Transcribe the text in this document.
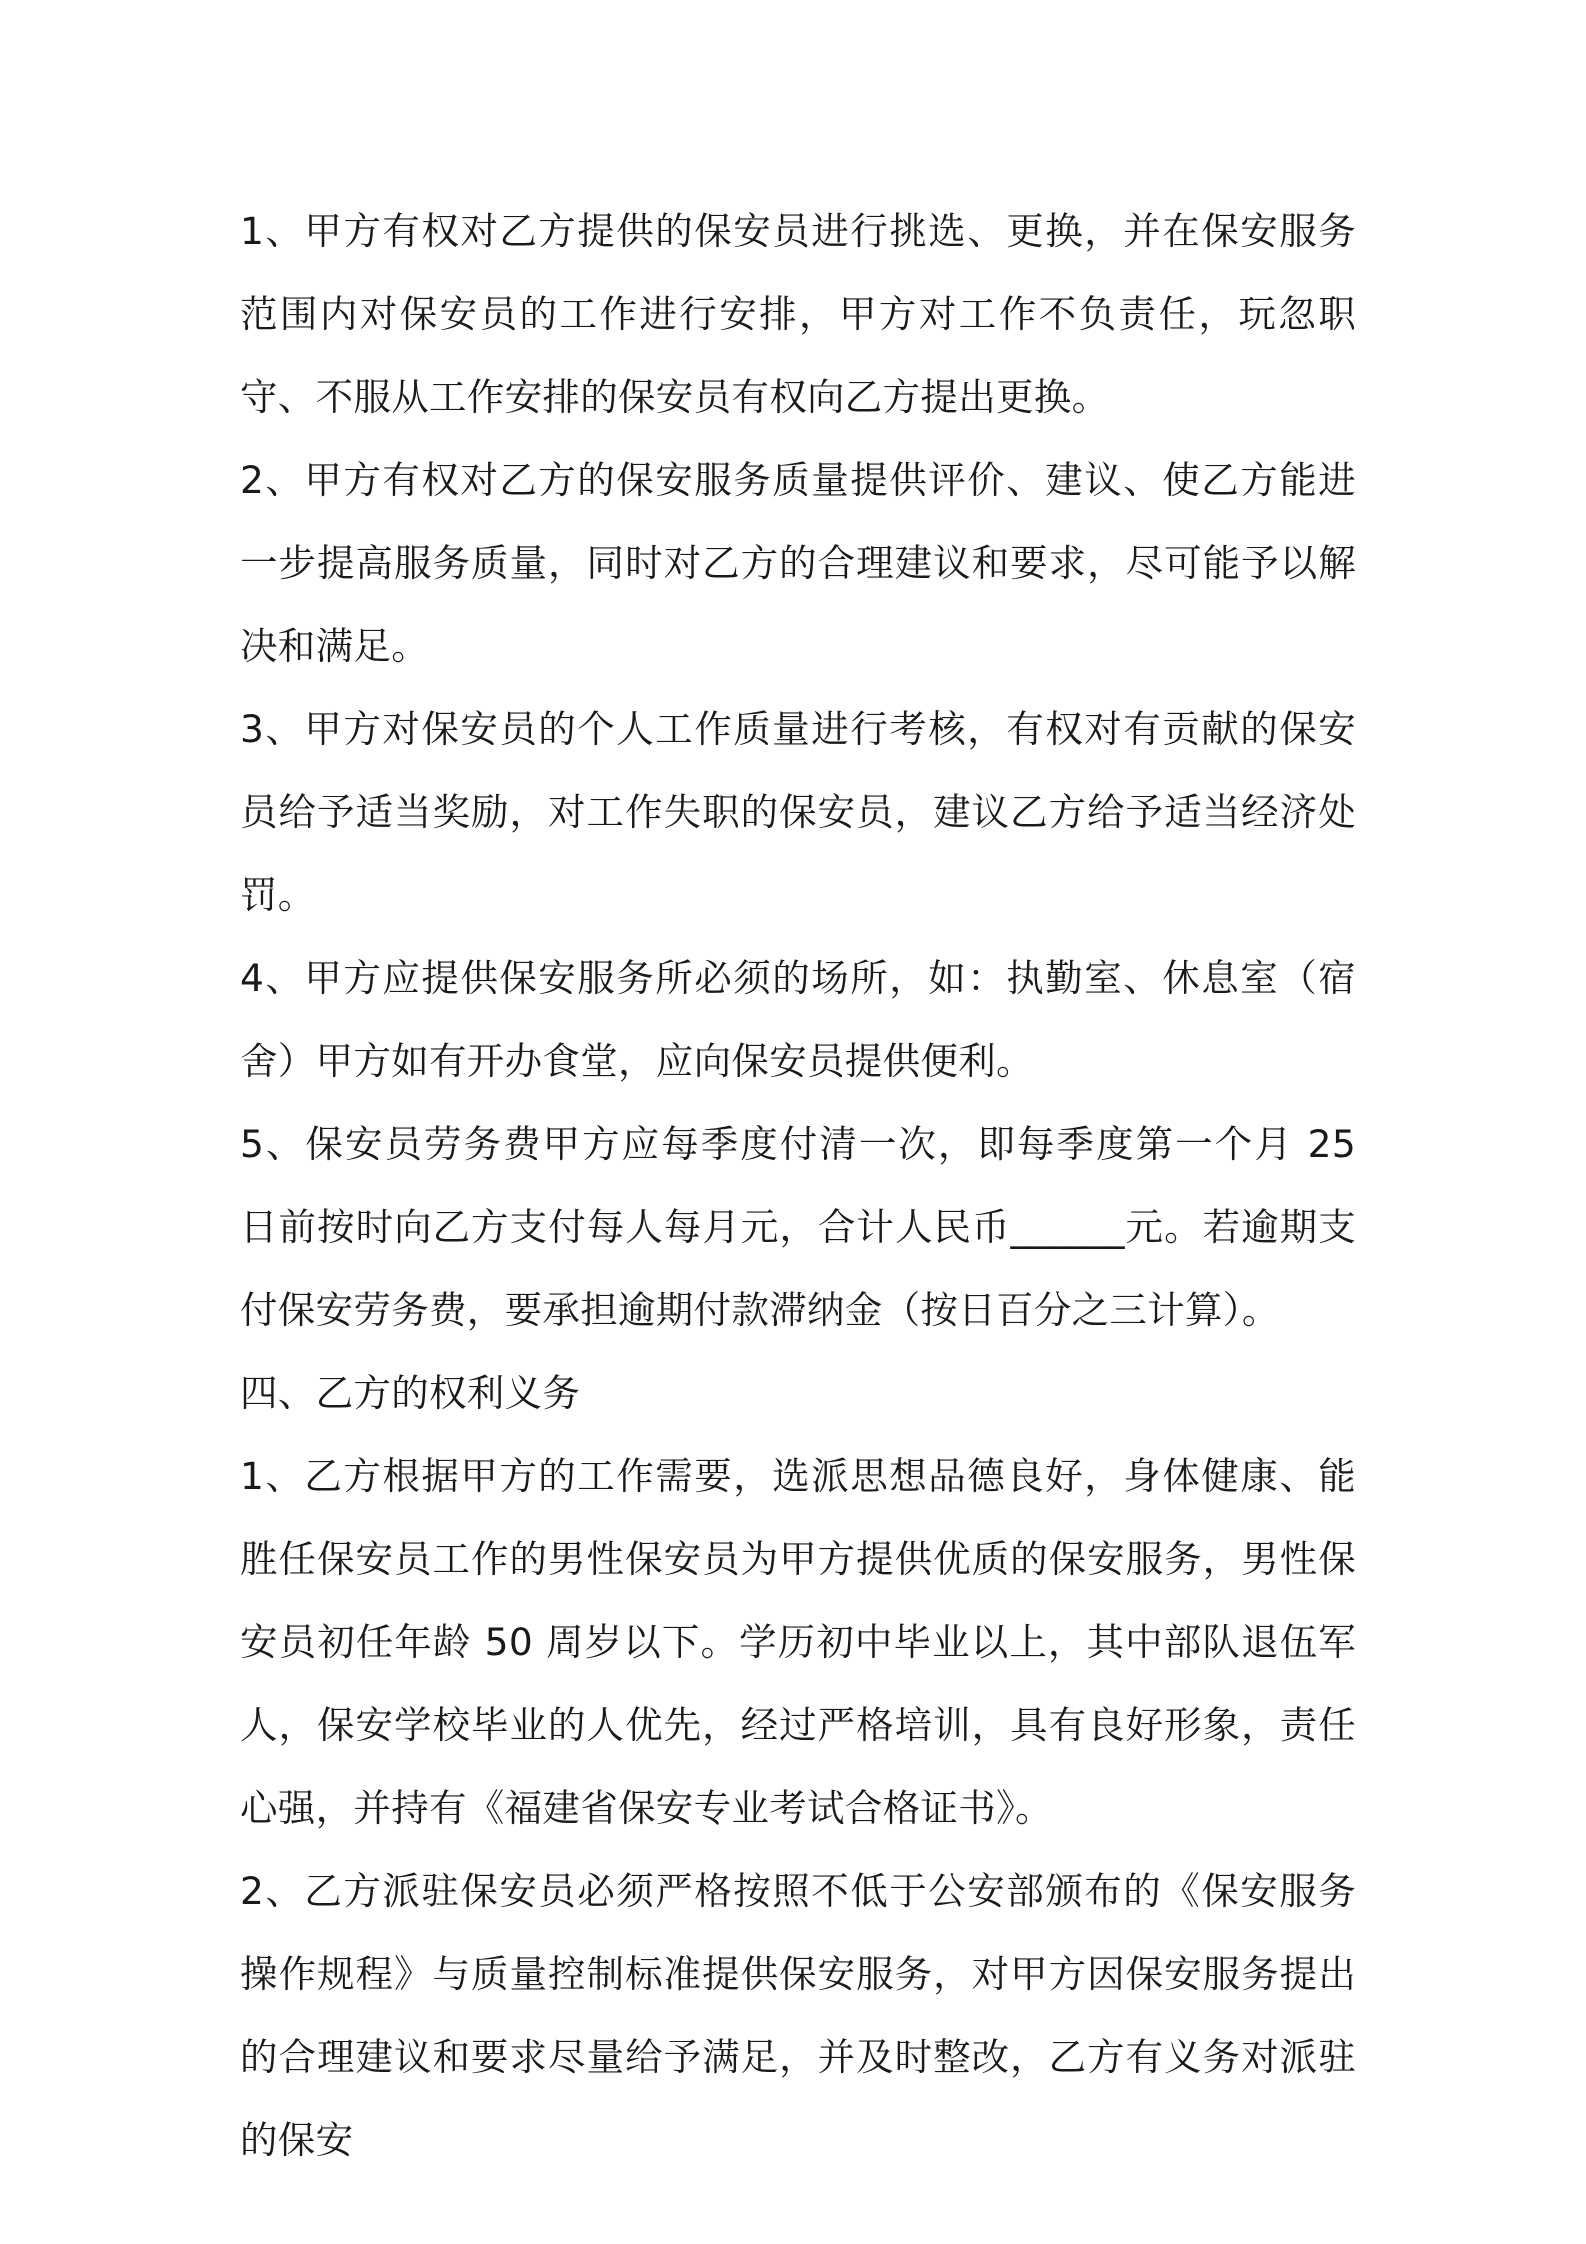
1、甲方有权对乙方提供的保安员进行挑选、更换，并在保安服务范围内对保安员的工作进行安排，甲方对工作不负责任，玩忽职守、不服从工作安排的保安员有权向乙方提出更换。

2、甲方有权对乙方的保安服务质量提供评价、建议、使乙方能进一步提高服务质量，同时对乙方的合理建议和要求，尽可能予以解决和满足。

3、甲方对保安员的个人工作质量进行考核，有权对有贡献的保安员给予适当奖励，对工作失职的保安员，建议乙方给予适当经济处罚。

4、甲方应提供保安服务所必须的场所，如：执勤室、休息室（宿舍）甲方如有开办食堂，应向保安员提供便利。

5、保安员劳务费甲方应每季度付清一次，即每季度第一个月 25 日前按时向乙方支付每人每月元，合计人民币______元。若逾期支付保安劳务费，要承担逾期付款滞纳金（按日百分之三计算）。

四、乙方的权利义务

1、乙方根据甲方的工作需要，选派思想品德良好，身体健康、能胜任保安员工作的男性保安员为甲方提供优质的保安服务，男性保安员初任年龄 50 周岁以下。学历初中毕业以上，其中部队退伍军人，保安学校毕业的人优先，经过严格培训，具有良好形象，责任心强，并持有《福建省保安专业考试合格证书》。

2、乙方派驻保安员必须严格按照不低于公安部颁布的《保安服务操作规程》与质量控制标准提供保安服务，对甲方因保安服务提出的合理建议和要求尽量给予满足，并及时整改，乙方有义务对派驻的保安
